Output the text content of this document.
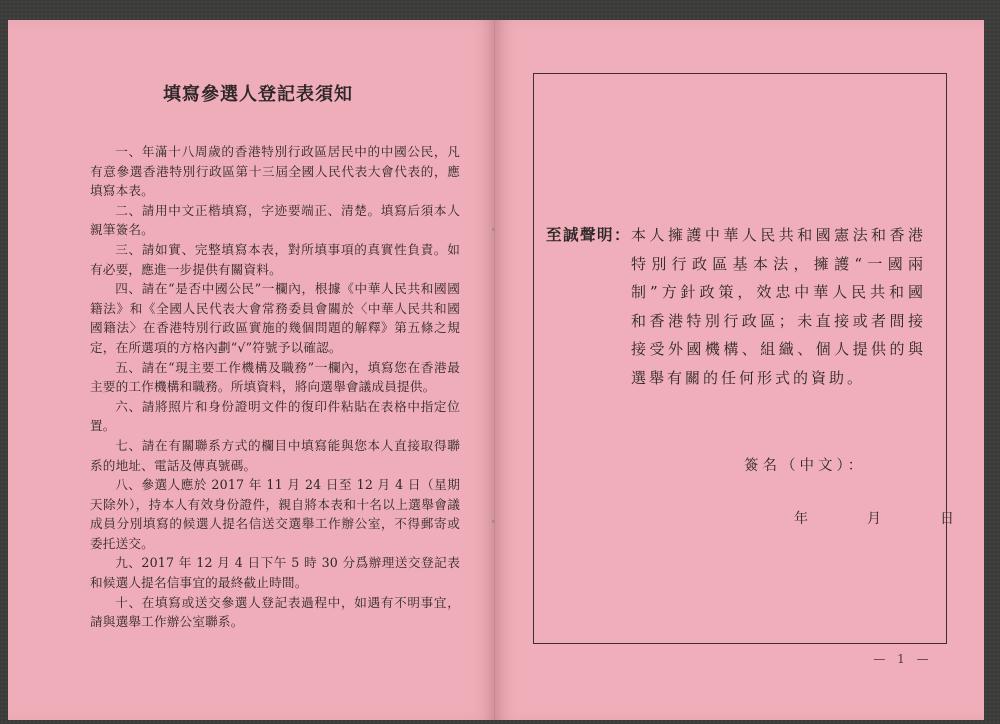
填寫參選人登記表須知

一、年滿十八周歲的香港特別行政區居民中的中國公民，凡有意參選香港特別行政區第十三屆全國人民代表大會代表的，應填寫本表。

二、請用中文正楷填寫，字迹要端正、清楚。填寫后須本人親筆簽名。

三、請如實、完整填寫本表，對所填事項的真實性負責。如有必要，應進一步提供有關資料。

四、請在“是否中國公民”一欄內，根據《中華人民共和國國籍法》和《全國人民代表大會常務委員會關於〈中華人民共和國國籍法〉在香港特別行政區實施的幾個問題的解釋》第五條之規定，在所選項的方格內劃“√”符號予以確認。

五、請在“現主要工作機構及職務”一欄內，填寫您在香港最主要的工作機構和職務。所填資料，將向選舉會議成員提供。

六、請將照片和身份證明文件的復印件粘貼在表格中指定位置。

七、請在有關聯系方式的欄目中填寫能與您本人直接取得聯系的地址、電話及傳真號碼。

八、參選人應於 2017 年 11 月 24 日至 12 月 4 日（星期天除外），持本人有效身份證件，親自將本表和十名以上選舉會議成員分別填寫的候選人提名信送交選舉工作辦公室，不得郵寄或委托送交。

九、2017 年 12 月 4 日下午 5 時 30 分爲辦理送交登記表和候選人提名信事宜的最終截止時間。

十、在填寫或送交參選人登記表過程中，如遇有不明事宜，請與選舉工作辦公室聯系。

至誠聲明： 本人擁護中華人民共和國憲法和香港特別行政區基本法，擁護“一國兩制”方針政策，效忠中華人民共和國和香港特別行政區；未直接或者間接接受外國機構、組織、個人提供的與選舉有關的任何形式的資助。
簽名（中文）：
年	月	日
— 1 —
